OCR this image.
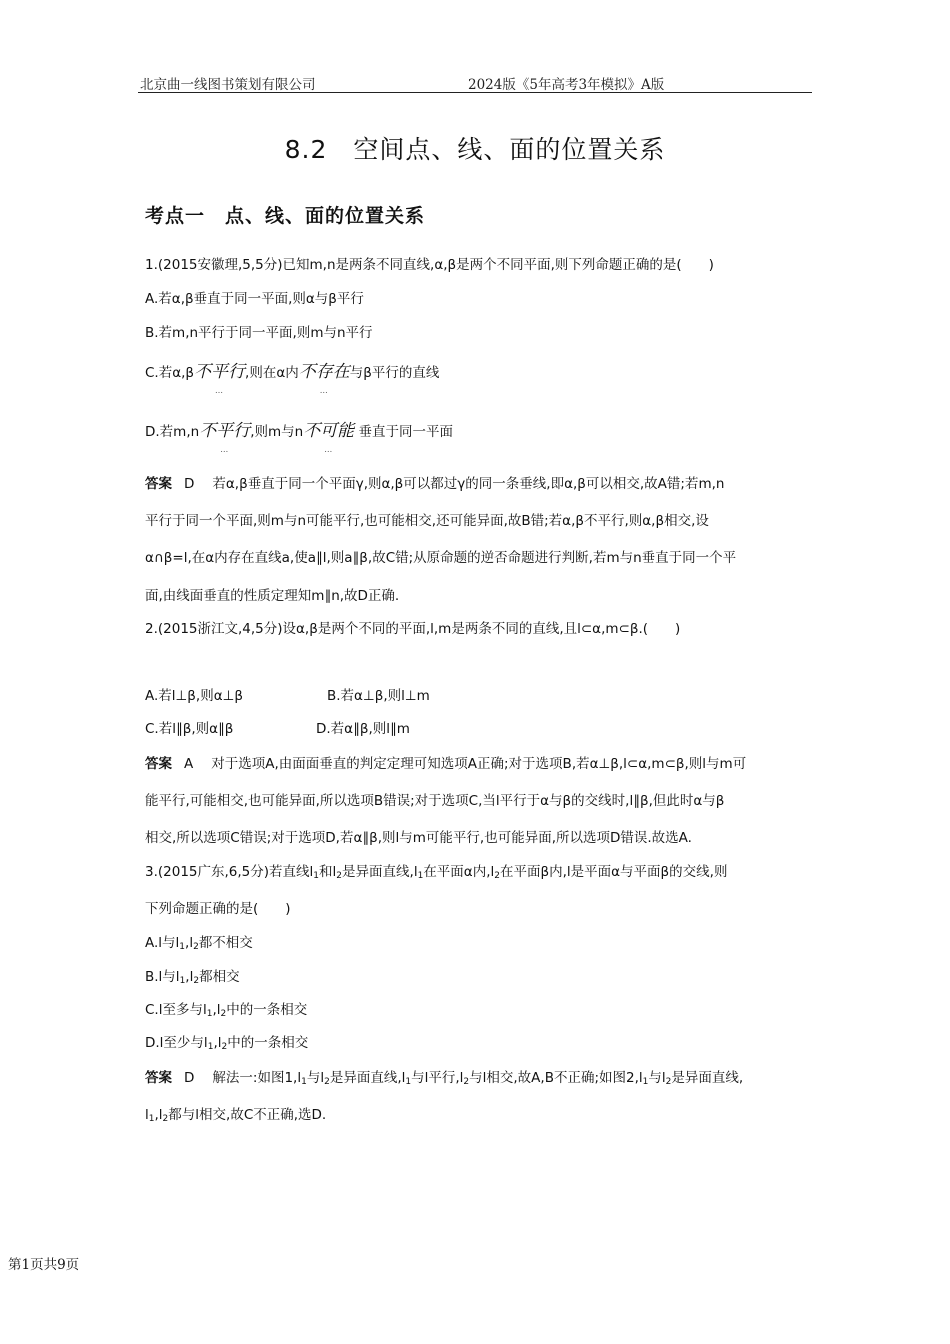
北京曲一线图书策划有限公司	2024版《5年高考3年模拟》A版
8.2　空间点、线、面的位置关系
考点一　点、线、面的位置关系
1.(2015安徽理,5,5分)已知m,n是两条不同直线,α,β是两个不同平面,则下列命题正确的是(　　)
A.若α,β垂直于同一平面,则α与β平行
B.若m,n平行于同一平面,则m与n平行
C.若α,β不平行
…
,则在α内不存在
…
与β平行的直线
D.若m,n不平行
…
,则m与n不可能
…
垂直于同一平面
答案 D 若α,β垂直于同一个平面γ,则α,β可以都过γ的同一条垂线,即α,β可以相交,故A错;若m,n
平行于同一个平面,则m与n可能平行,也可能相交,还可能异面,故B错;若α,β不平行,则α,β相交,设
α∩β=l,在α内存在直线a,使a∥l,则a∥β,故C错;从原命题的逆否命题进行判断,若m与n垂直于同一个平
面,由线面垂直的性质定理知m∥n,故D正确.
2.(2015浙江文,4,5分)设α,β是两个不同的平面,l,m是两条不同的直线,且l⊂α,m⊂β.(　　)
A.若l⊥β,则α⊥β	B.若α⊥β,则l⊥m
C.若l∥β,则α∥β	D.若α∥β,则l∥m
答案 A 对于选项A,由面面垂直的判定定理可知选项A正确;对于选项B,若α⊥β,l⊂α,m⊂β,则l与m可
能平行,可能相交,也可能异面,所以选项B错误;对于选项C,当l平行于α与β的交线时,l∥β,但此时α与β
相交,所以选项C错误;对于选项D,若α∥β,则l与m可能平行,也可能异面,所以选项D错误.故选A.
3.(2015广东,6,5分)若直线$l_1$和$l_2$是异面直线$,l_1$在平面α内$,l_2$在平面β内,l是平面α与平面β的交线,则
下列命题正确的是(　　)
A.l与$l_1,l_2$都不相交
B.l与$l_1,l_2$都相交
C.l至多与$l_1,l_2$中的一条相交
D.l至少与$l_1,l_2$中的一条相交
答案 D 解法一:如图$1,l_1$与$l_2$是异面直线$,l_1$与l平行$,l_2$与l相交,故A,B不正确;如图$2,l_1$与$l_2$是异面直线,
$l_1,l_2$都与l相交,故C不正确,选D.
第1页共9页
